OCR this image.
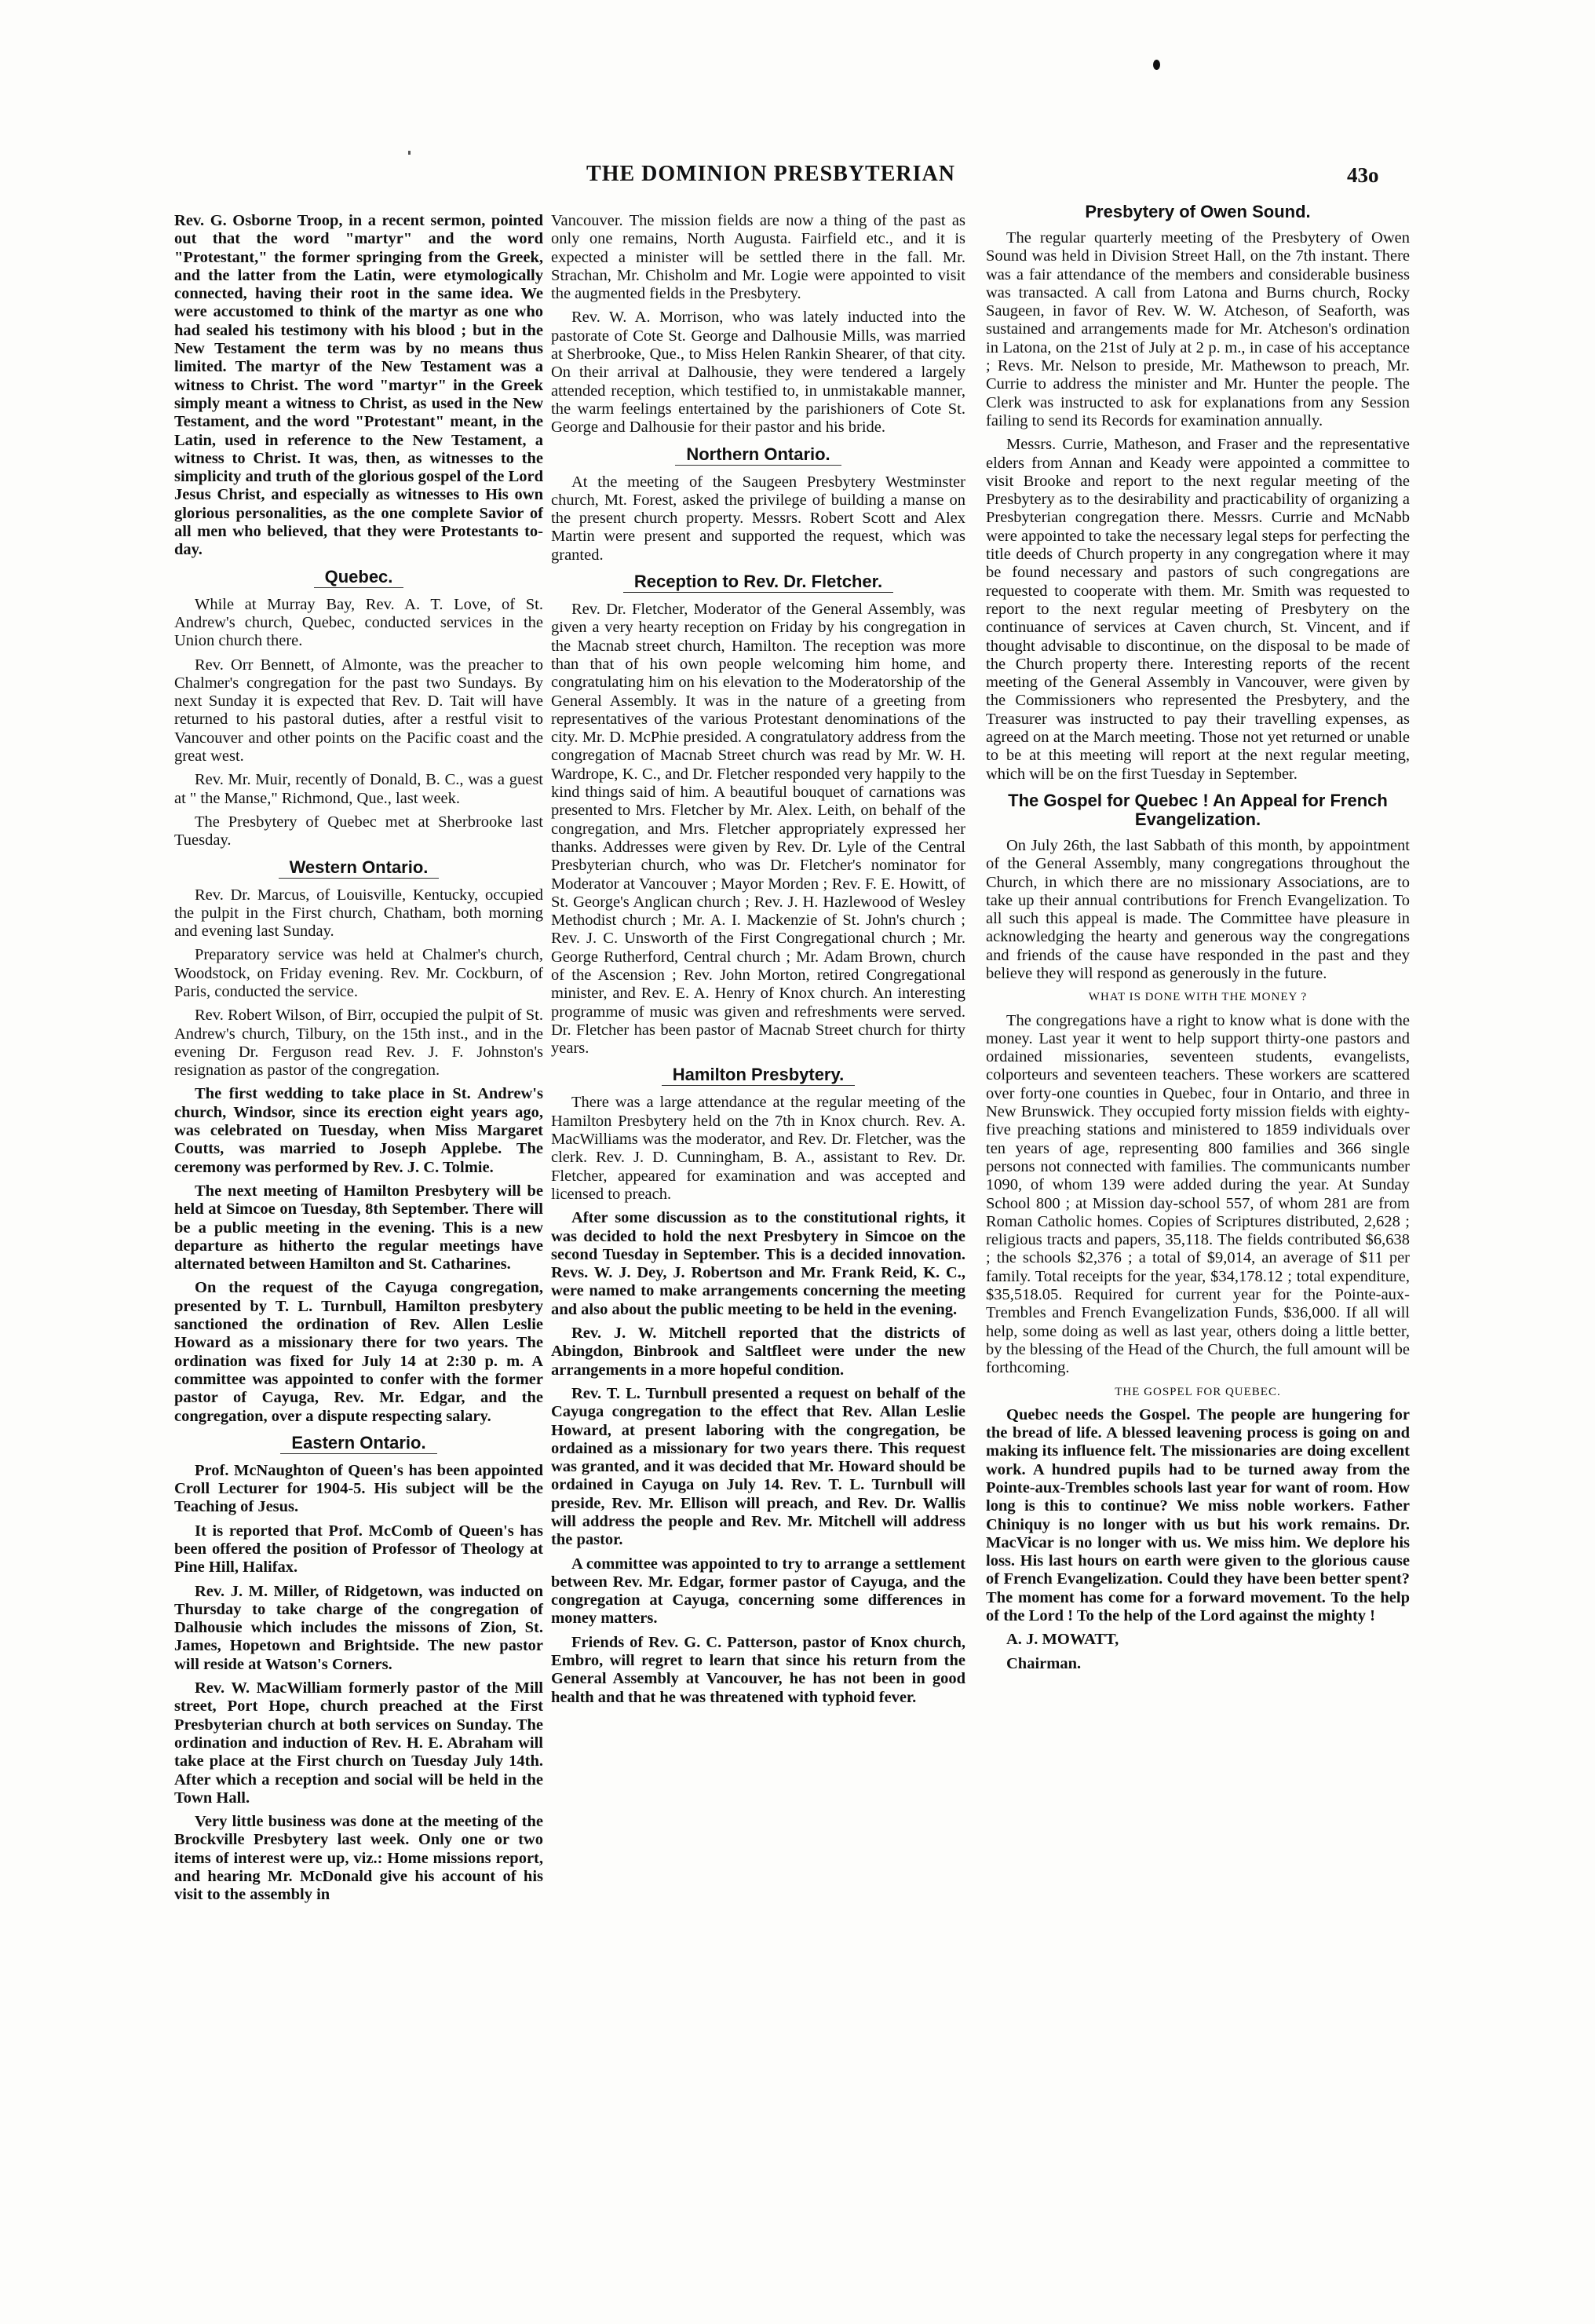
THE DOMINION PRESBYTERIAN	43o

Rev. G. Osborne Troop, in a recent sermon, pointed out that the word "martyr" and the word "Protestant," the former springing from the Greek, and the latter from the Latin, were etymologically connected, having their root in the same idea. We were accustomed to think of the martyr as one who had sealed his testimony with his blood ; but in the New Testament the term was by no means thus limited. The martyr of the New Testament was a witness to Christ. The word "martyr" in the Greek simply meant a witness to Christ, as used in the New Testament, and the word "Protestant" meant, in the Latin, used in reference to the New Testament, a witness to Christ. It was, then, as witnesses to the simplicity and truth of the glorious gospel of the Lord Jesus Christ, and especially as witnesses to His own glorious personalities, as the one complete Savior of all men who believed, that they were Protestants to-day.

Quebec.

While at Murray Bay, Rev. A. T. Love, of St. Andrew's church, Quebec, conducted services in the Union church there.

Rev. Orr Bennett, of Almonte, was the preacher to Chalmer's congregation for the past two Sundays. By next Sunday it is expected that Rev. D. Tait will have returned to his pastoral duties, after a restful visit to Vancouver and other points on the Pacific coast and the great west.

Rev. Mr. Muir, recently of Donald, B. C., was a guest at " the Manse," Richmond, Que., last week.

The Presbytery of Quebec met at Sherbrooke last Tuesday.

Western Ontario.

Rev. Dr. Marcus, of Louisville, Kentucky, occupied the pulpit in the First church, Chatham, both morning and evening last Sunday.

Preparatory service was held at Chalmer's church, Woodstock, on Friday evening. Rev. Mr. Cockburn, of Paris, conducted the service.

Rev. Robert Wilson, of Birr, occupied the pulpit of St. Andrew's church, Tilbury, on the 15th inst., and in the evening Dr. Ferguson read Rev. J. F. Johnston's resignation as pastor of the congregation.

The first wedding to take place in St. Andrew's church, Windsor, since its erection eight years ago, was celebrated on Tuesday, when Miss Margaret Coutts, was married to Joseph Applebe. The ceremony was performed by Rev. J. C. Tolmie.

The next meeting of Hamilton Presbytery will be held at Simcoe on Tuesday, 8th September. There will be a public meeting in the evening. This is a new departure as hitherto the regular meetings have alternated between Hamilton and St. Catharines.

On the request of the Cayuga congregation, presented by T. L. Turnbull, Hamilton presbytery sanctioned the ordination of Rev. Allen Leslie Howard as a missionary there for two years. The ordination was fixed for July 14 at 2:30 p. m. A committee was appointed to confer with the former pastor of Cayuga, Rev. Mr. Edgar, and the congregation, over a dispute respecting salary.

Eastern Ontario.

Prof. McNaughton of Queen's has been appointed Croll Lecturer for 1904-5. His subject will be the Teaching of Jesus.

It is reported that Prof. McComb of Queen's has been offered the position of Professor of Theology at Pine Hill, Halifax.

Rev. J. M. Miller, of Ridgetown, was inducted on Thursday to take charge of the congregation of Dalhousie which includes the missons of Zion, St. James, Hopetown and Brightside. The new pastor will reside at Watson's Corners.

Rev. W. MacWilliam formerly pastor of the Mill street, Port Hope, church preached at the First Presbyterian church at both services on Sunday. The ordination and induction of Rev. H. E. Abraham will take place at the First church on Tuesday July 14th. After which a reception and social will be held in the Town Hall.

Very little business was done at the meeting of the Brockville Presbytery last week. Only one or two items of interest were up, viz.: Home missions report, and hearing Mr. McDonald give his account of his visit to the assembly in

Vancouver. The mission fields are now a thing of the past as only one remains, North Augusta. Fairfield etc., and it is expected a minister will be settled there in the fall. Mr. Strachan, Mr. Chisholm and Mr. Logie were appointed to visit the augmented fields in the Presbytery.

Rev. W. A. Morrison, who was lately inducted into the pastorate of Cote St. George and Dalhousie Mills, was married at Sherbrooke, Que., to Miss Helen Rankin Shearer, of that city. On their arrival at Dalhousie, they were tendered a largely attended reception, which testified to, in unmistakable manner, the warm feelings entertained by the parishioners of Cote St. George and Dalhousie for their pastor and his bride.

Northern Ontario.

At the meeting of the Saugeen Presbytery Westminster church, Mt. Forest, asked the privilege of building a manse on the present church property. Messrs. Robert Scott and Alex Martin were present and supported the request, which was granted.

Reception to Rev. Dr. Fletcher.

Rev. Dr. Fletcher, Moderator of the General Assembly, was given a very hearty reception on Friday by his congregation in the Macnab street church, Hamilton. The reception was more than that of his own people welcoming him home, and congratulating him on his elevation to the Moderatorship of the General Assembly. It was in the nature of a greeting from representatives of the various Protestant denominations of the city. Mr. D. McPhie presided. A congratulatory address from the congregation of Macnab Street church was read by Mr. W. H. Wardrope, K. C., and Dr. Fletcher responded very happily to the kind things said of him. A beautiful bouquet of carnations was presented to Mrs. Fletcher by Mr. Alex. Leith, on behalf of the congregation, and Mrs. Fletcher appropriately expressed her thanks. Addresses were given by Rev. Dr. Lyle of the Central Presbyterian church, who was Dr. Fletcher's nominator for Moderator at Vancouver ; Mayor Morden ; Rev. F. E. Howitt, of St. George's Anglican church ; Rev. J. H. Hazlewood of Wesley Methodist church ; Mr. A. I. Mackenzie of St. John's church ; Rev. J. C. Unsworth of the First Congregational church ; Mr. George Rutherford, Central church ; Mr. Adam Brown, church of the Ascension ; Rev. John Morton, retired Congregational minister, and Rev. E. A. Henry of Knox church. An interesting programme of music was given and refreshments were served. Dr. Fletcher has been pastor of Macnab Street church for thirty years.

Hamilton Presbytery.

There was a large attendance at the regular meeting of the Hamilton Presbytery held on the 7th in Knox church. Rev. A. MacWilliams was the moderator, and Rev. Dr. Fletcher, was the clerk. Rev. J. D. Cunningham, B. A., assistant to Rev. Dr. Fletcher, appeared for examination and was accepted and licensed to preach.

After some discussion as to the constitutional rights, it was decided to hold the next Presbytery in Simcoe on the second Tuesday in September. This is a decided innovation. Revs. W. J. Dey, J. Robertson and Mr. Frank Reid, K. C., were named to make arrangements concerning the meeting and also about the public meeting to be held in the evening.

Rev. J. W. Mitchell reported that the districts of Abingdon, Binbrook and Saltfleet were under the new arrangements in a more hopeful condition.

Rev. T. L. Turnbull presented a request on behalf of the Cayuga congregation to the effect that Rev. Allan Leslie Howard, at present laboring with the congregation, be ordained as a missionary for two years there. This request was granted, and it was decided that Mr. Howard should be ordained in Cayuga on July 14. Rev. T. L. Turnbull will preside, Rev. Mr. Ellison will preach, and Rev. Dr. Wallis will address the people and Rev. Mr. Mitchell will address the pastor.

A committee was appointed to try to arrange a settlement between Rev. Mr. Edgar, former pastor of Cayuga, and the congregation at Cayuga, concerning some differences in money matters.

Friends of Rev. G. C. Patterson, pastor of Knox church, Embro, will regret to learn that since his return from the General Assembly at Vancouver, he has not been in good health and that he was threatened with typhoid fever.

Presbytery of Owen Sound.

The regular quarterly meeting of the Presbytery of Owen Sound was held in Division Street Hall, on the 7th instant. There was a fair attendance of the members and considerable business was transacted. A call from Latona and Burns church, Rocky Saugeen, in favor of Rev. W. W. Atcheson, of Seaforth, was sustained and arrangements made for Mr. Atcheson's ordination in Latona, on the 21st of July at 2 p. m., in case of his acceptance ; Revs. Mr. Nelson to preside, Mr. Mathewson to preach, Mr. Currie to address the minister and Mr. Hunter the people. The Clerk was instructed to ask for explanations from any Session failing to send its Records for examination annually.

Messrs. Currie, Matheson, and Fraser and the representative elders from Annan and Keady were appointed a committee to visit Brooke and report to the next regular meeting of the Presbytery as to the desirability and practicability of organizing a Presbyterian congregation there. Messrs. Currie and McNabb were appointed to take the necessary legal steps for perfecting the title deeds of Church property in any congregation where it may be found necessary and pastors of such congregations are requested to cooperate with them. Mr. Smith was requested to report to the next regular meeting of Presbytery on the continuance of services at Caven church, St. Vincent, and if thought advisable to discontinue, on the disposal to be made of the Church property there. Interesting reports of the recent meeting of the General Assembly in Vancouver, were given by the Commissioners who represented the Presbytery, and the Treasurer was instructed to pay their travelling expenses, as agreed on at the March meeting. Those not yet returned or unable to be at this meeting will report at the next regular meeting, which will be on the first Tuesday in September.

The Gospel for Quebec ! An Appeal for French Evangelization.

On July 26th, the last Sabbath of this month, by appointment of the General Assembly, many congregations throughout the Church, in which there are no missionary Associations, are to take up their annual contributions for French Evangelization. To all such this appeal is made. The Committee have pleasure in acknowledging the hearty and generous way the congregations and friends of the cause have responded in the past and they believe they will respond as generously in the future.

WHAT IS DONE WITH THE MONEY ?

The congregations have a right to know what is done with the money. Last year it went to help support thirty-one pastors and ordained missionaries, seventeen students, evangelists, colporteurs and seventeen teachers. These workers are scattered over forty-one counties in Quebec, four in Ontario, and three in New Brunswick. They occupied forty mission fields with eighty-five preaching stations and ministered to 1859 individuals over ten years of age, representing 800 families and 366 single persons not connected with families. The communicants number 1090, of whom 139 were added during the year. At Sunday School 800 ; at Mission day-school 557, of whom 281 are from Roman Catholic homes. Copies of Scriptures distributed, 2,628 ; religious tracts and papers, 35,118. The fields contributed $6,638 ; the schools $2,376 ; a total of $9,014, an average of $11 per family. Total receipts for the year, $34,178.12 ; total expenditure, $35,518.05. Required for current year for the Pointe-aux-Trembles and French Evangelization Funds, $36,000. If all will help, some doing as well as last year, others doing a little better, by the blessing of the Head of the Church, the full amount will be forthcoming.

THE GOSPEL FOR QUEBEC.

Quebec needs the Gospel. The people are hungering for the bread of life. A blessed leavening process is going on and making its influence felt. The missionaries are doing excellent work. A hundred pupils had to be turned away from the Pointe-aux-Trembles schools last year for want of room. How long is this to continue? We miss noble workers. Father Chiniquy is no longer with us but his work remains. Dr. MacVicar is no longer with us. We miss him. We deplore his loss. His last hours on earth were given to the glorious cause of French Evangelization. Could they have been better spent? The moment has come for a forward movement. To the help of the Lord ! To the help of the Lord against the mighty !

A. J. MOWATT,

Chairman.
